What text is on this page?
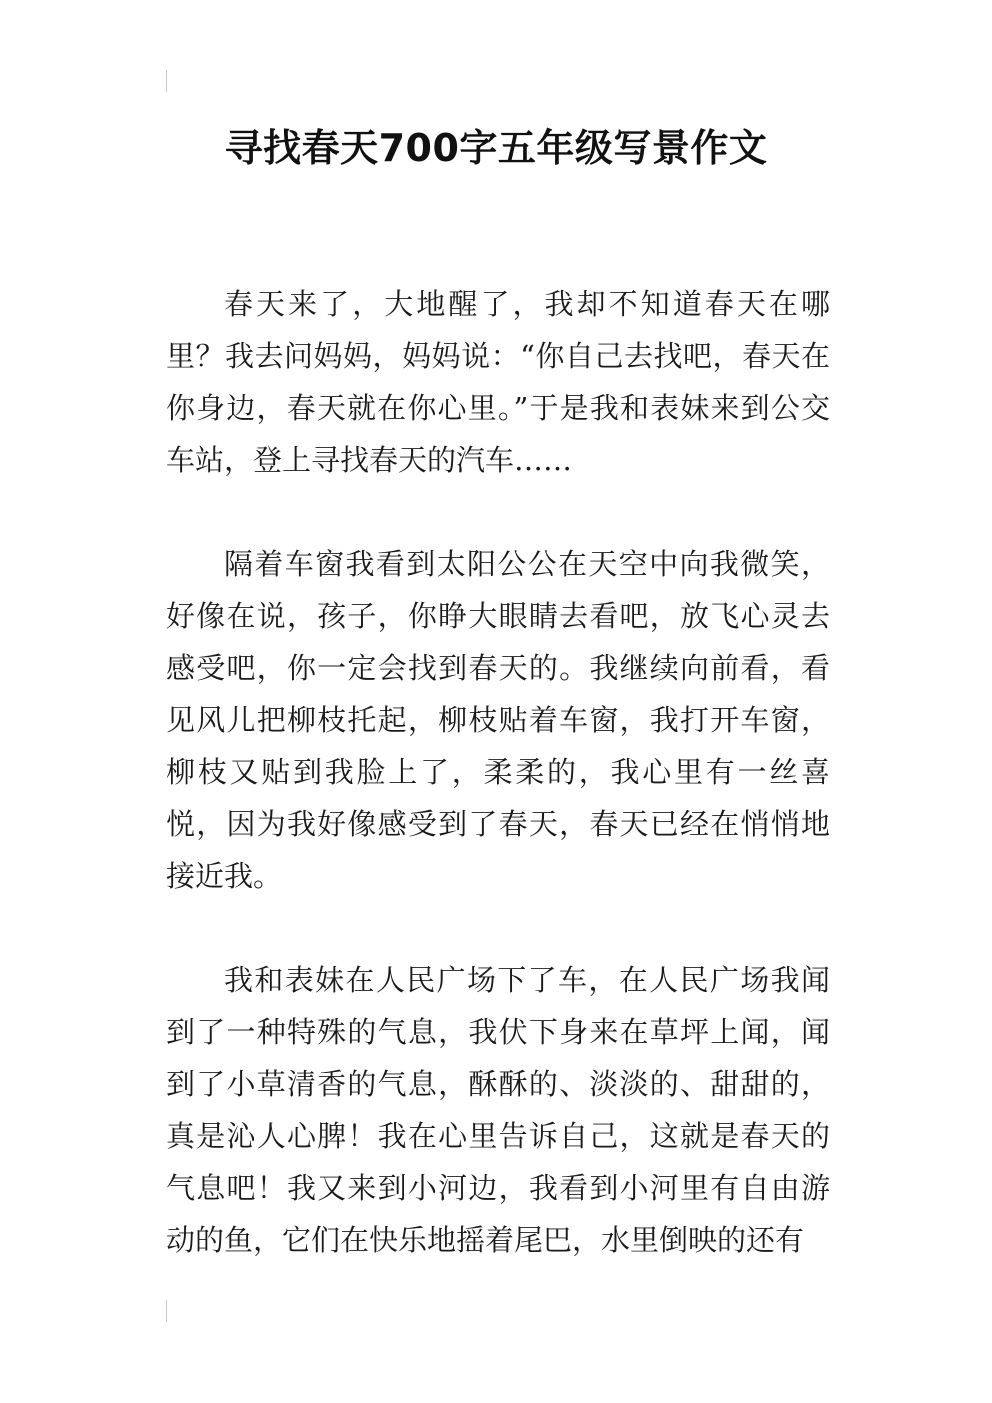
寻找春天700字五年级写景作文

春天来了，大地醒了，我却不知道春天在哪里？我去问妈妈，妈妈说：“你自己去找吧，春天在你身边，春天就在你心里。”于是我和表妹来到公交车站，登上寻找春天的汽车……

隔着车窗我看到太阳公公在天空中向我微笑，好像在说，孩子，你睁大眼睛去看吧，放飞心灵去感受吧，你一定会找到春天的。我继续向前看，看见风儿把柳枝托起，柳枝贴着车窗，我打开车窗，柳枝又贴到我脸上了，柔柔的，我心里有一丝喜悦，因为我好像感受到了春天，春天已经在悄悄地接近我。

我和表妹在人民广场下了车，在人民广场我闻到了一种特殊的气息，我伏下身来在草坪上闻，闻到了小草清香的气息，酥酥的、淡淡的、甜甜的，真是沁人心脾！我在心里告诉自己，这就是春天的气息吧！我又来到小河边，我看到小河里有自由游动的鱼，它们在快乐地摇着尾巴，水里倒映的还有
